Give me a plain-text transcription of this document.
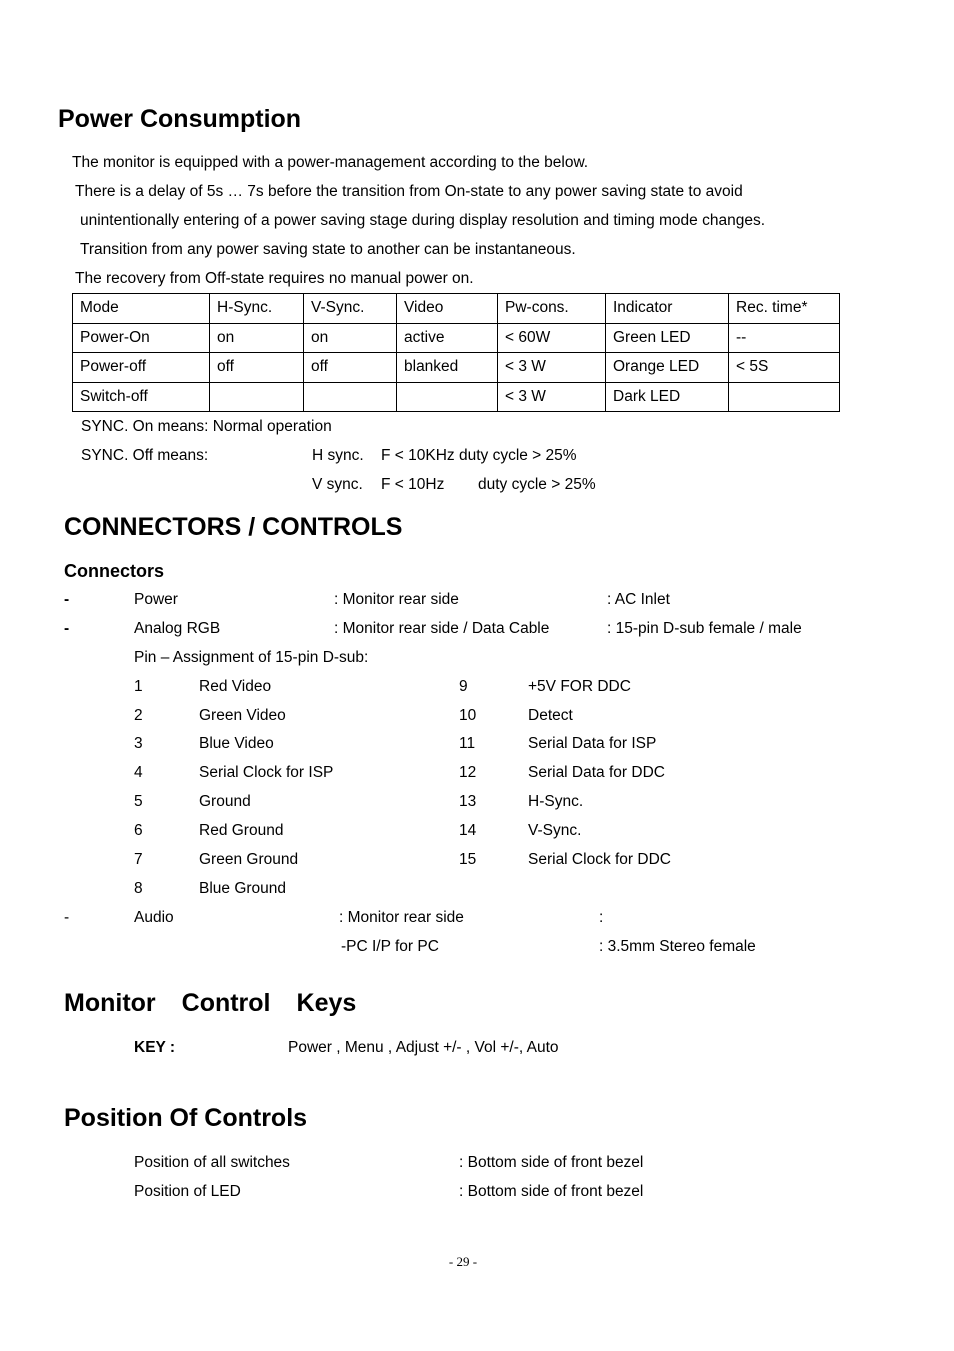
Power Consumption
The monitor is equipped with a power-management according to the below.
There is a delay of 5s … 7s before the transition from On-state to any power saving state to avoid
unintentionally entering of a power saving stage during display resolution and timing mode changes.
Transition from any power saving state to another can be instantaneous.
The recovery from Off-state requires no manual power on.
Mode	H-Sync.	V-Sync.	Video	Pw-cons.	Indicator	Rec. time*
Power-On	on	on	active	< 60W	Green LED	--
Power-off	off	off	blanked	< 3 W	Orange LED	< 5S
Switch-off				< 3 W	Dark LED	
SYNC. On means: Normal operation
SYNC. Off means:	H sync. F < 10KHz duty cycle > 25%
V sync. F < 10Hz duty cycle > 25%
CONNECTORS / CONTROLS
Connectors
-	Power	: Monitor rear side	: AC Inlet
-	Analog RGB	: Monitor rear side / Data Cable	: 15-pin D-sub female / male
Pin – Assignment of 15-pin D-sub:
1	Red Video
2	Green Video
3	Blue Video
4	Serial Clock for ISP
5	Ground
6	Red Ground
7	Green Ground
8	Blue Ground
9	+5V FOR DDC
10	Detect
11	Serial Data for ISP
12	Serial Data for DDC
13	H-Sync.
14	V-Sync.
15	Serial Clock for DDC
-	Audio	: Monitor rear side	:
-PC I/P for PC	: 3.5mm Stereo female
Monitor Control Keys
KEY :	Power , Menu , Adjust +/- , Vol +/-, Auto
Position Of Controls
Position of all switches	: Bottom side of front bezel
Position of LED	: Bottom side of front bezel
- 29 -
